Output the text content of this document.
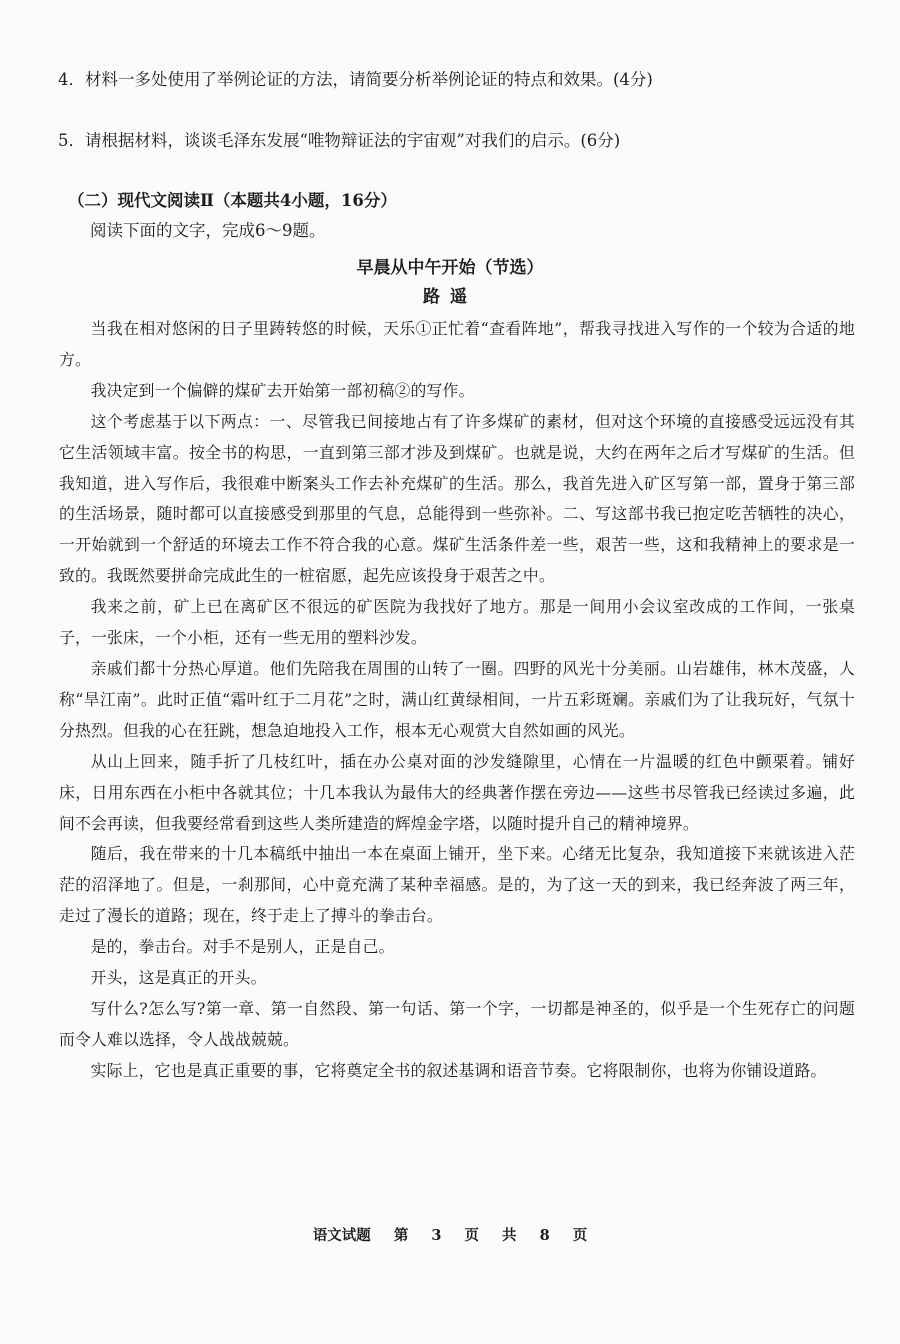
4．材料一多处使用了举例论证的方法，请简要分析举例论证的特点和效果。(4分)
5．请根据材料，谈谈毛泽东发展“唯物辩证法的宇宙观”对我们的启示。(6分)
（二）现代文阅读Ⅱ（本题共4小题，16分）
阅读下面的文字，完成6～9题。
早晨从中午开始（节选）
路遥

当我在相对悠闲的日子里踌转悠的时候，天乐①正忙着“查看阵地”，帮我寻找进入写作的一个较为合适的地方。

我决定到一个偏僻的煤矿去开始第一部初稿②的写作。

这个考虑基于以下两点：一、尽管我已间接地占有了许多煤矿的素材，但对这个环境的直接感受远远没有其它生活领域丰富。按全书的构思，一直到第三部才涉及到煤矿。也就是说，大约在两年之后才写煤矿的生活。但我知道，进入写作后，我很难中断案头工作去补充煤矿的生活。那么，我首先进入矿区写第一部，置身于第三部的生活场景，随时都可以直接感受到那里的气息，总能得到一些弥补。二、写这部书我已抱定吃苦牺牲的决心，一开始就到一个舒适的环境去工作不符合我的心意。煤矿生活条件差一些，艰苦一些，这和我精神上的要求是一致的。我既然要拼命完成此生的一桩宿愿，起先应该投身于艰苦之中。

我来之前，矿上已在离矿区不很远的矿医院为我找好了地方。那是一间用小会议室改成的工作间，一张桌子，一张床，一个小柜，还有一些无用的塑料沙发。

亲戚们都十分热心厚道。他们先陪我在周围的山转了一圈。四野的风光十分美丽。山岩雄伟，林木茂盛，人称“旱江南”。此时正值“霜叶红于二月花”之时，满山红黄绿相间，一片五彩斑斓。亲戚们为了让我玩好，气氛十分热烈。但我的心在狂跳，想急迫地投入工作，根本无心观赏大自然如画的风光。

从山上回来，随手折了几枝红叶，插在办公桌对面的沙发缝隙里，心情在一片温暖的红色中颤栗着。铺好床，日用东西在小柜中各就其位；十几本我认为最伟大的经典著作摆在旁边——这些书尽管我已经读过多遍，此间不会再读，但我要经常看到这些人类所建造的辉煌金字塔，以随时提升自己的精神境界。

随后，我在带来的十几本稿纸中抽出一本在桌面上铺开，坐下来。心绪无比复杂，我知道接下来就该进入茫茫的沼泽地了。但是，一刹那间，心中竟充满了某种幸福感。是的，为了这一天的到来，我已经奔波了两三年，走过了漫长的道路；现在，终于走上了搏斗的拳击台。

是的，拳击台。对手不是别人，正是自己。

开头，这是真正的开头。

写什么?怎么写?第一章、第一自然段、第一句话、第一个字，一切都是神圣的，似乎是一个生死存亡的问题而令人难以选择，令人战战兢兢。

实际上，它也是真正重要的事，它将奠定全书的叙述基调和语音节奏。它将限制你，也将为你铺设道路。

语文试题 第 3 页 共 8 页
